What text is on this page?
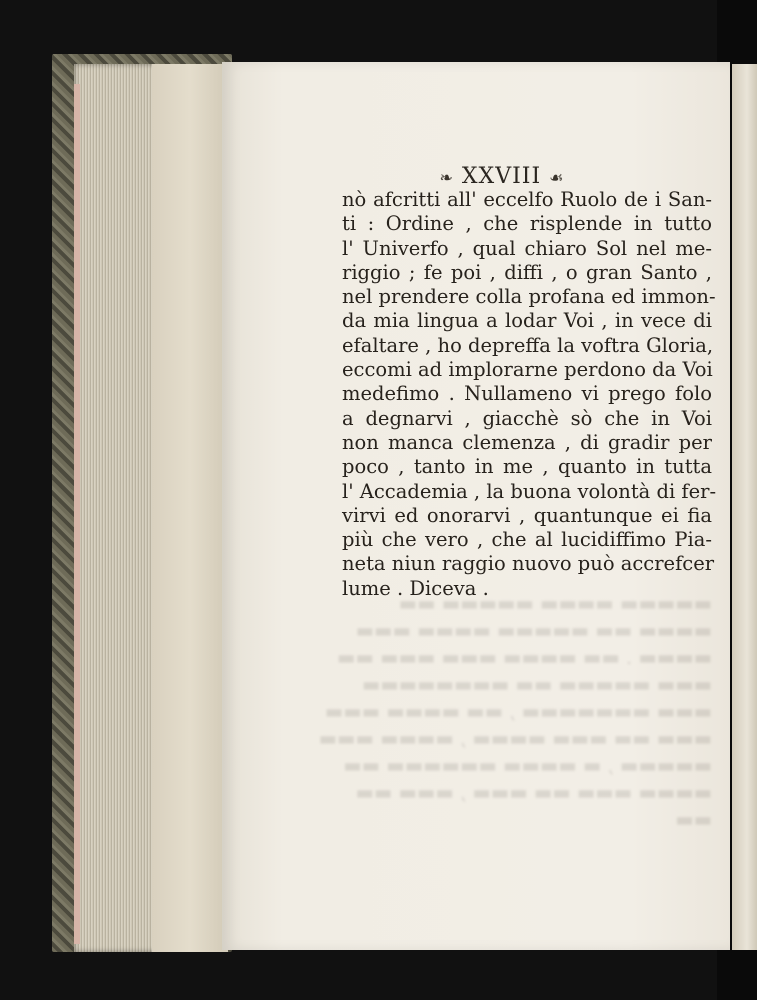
❧ XXVIII ☙
nò afcritti all' eccelfo Ruolo de i San-
ti : Ordine , che risplende in tutto
l' Univerfo , qual chiaro Sol nel me-
riggio ; fe poi , diffi , o gran Santo ,
nel prendere colla profana ed immon-
da mia lingua a lodar Voi , in vece di
efaltare , ho depreffa la voftra Gloria,
eccomi ad implorarne perdono da Voi
medefimo . Nullameno vi prego folo
a degnarvi , giacchè sò che in Voi
non manca clemenza , di gradir per
poco , tanto in me , quanto in tutta
l' Accademia , la buona volontà di fer-
virvi ed onorarvi , quantunque ei fia
più che vero , che al lucidiffimo Pia-
neta niun raggio nuovo può accrefcer
lume . Diceva .
▬▬▬▬▬ ▬▬▬▬ ▬▬▬▬▬ ▬▬
▬▬▬▬ ▬▬ ▬▬▬▬▬ ▬▬▬▬ ▬▬▬
▬▬▬▬ . ▬▬ ▬▬▬▬ ▬▬▬ ▬▬▬ ▬▬
▬▬▬ ▬▬▬▬▬ ▬▬ ▬▬▬▬▬▬▬▬
▬▬▬ ▬▬▬▬▬▬▬ , ▬▬ ▬▬▬▬ ▬▬▬
▬▬▬ ▬▬ ▬▬▬ ▬▬▬▬ , ▬▬▬▬ ▬▬▬
▬▬▬▬▬ , ▬ ▬▬▬▬ ▬▬▬▬▬▬ ▬▬
▬▬▬▬ ▬▬▬ ▬▬ ▬▬▬ , ▬▬▬ ▬▬
▬▬
